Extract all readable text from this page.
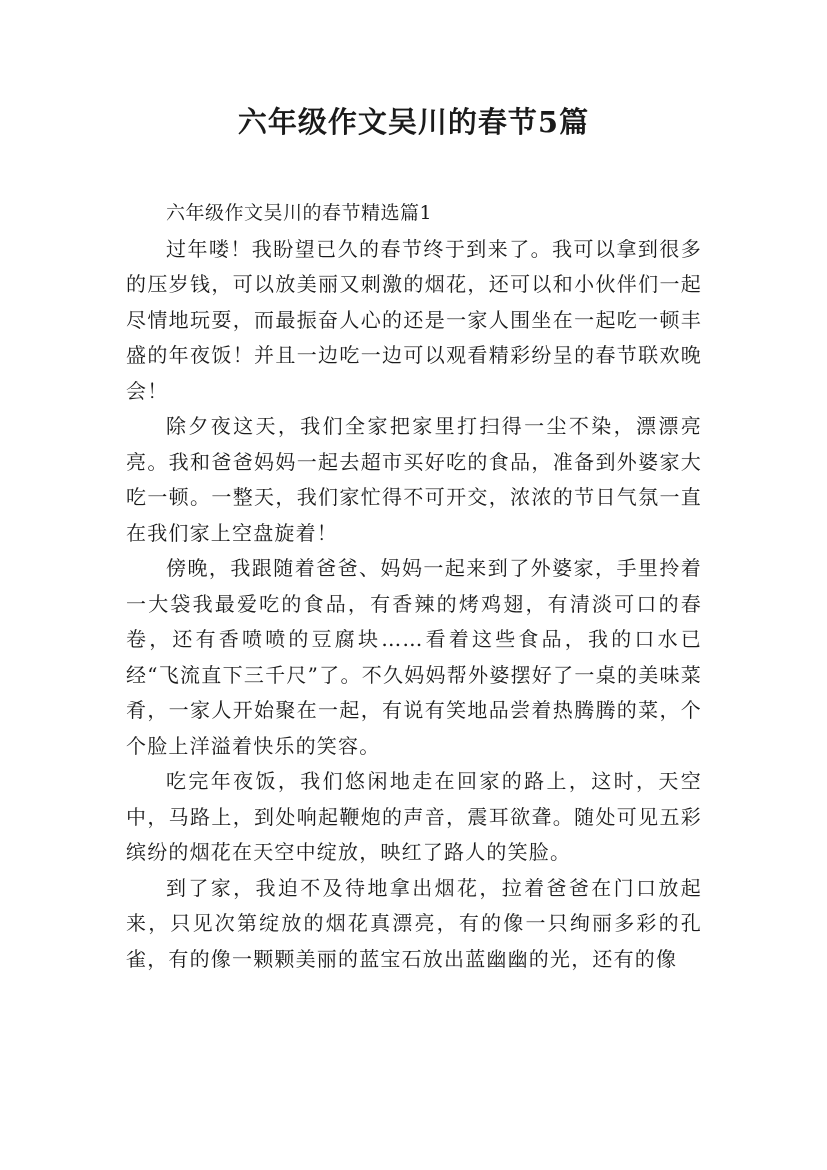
六年级作文吴川的春节5篇

六年级作文吴川的春节精选篇1

过年喽！我盼望已久的春节终于到来了。我可以拿到很多的压岁钱，可以放美丽又刺激的烟花，还可以和小伙伴们一起尽情地玩耍，而最振奋人心的还是一家人围坐在一起吃一顿丰盛的年夜饭！并且一边吃一边可以观看精彩纷呈的春节联欢晚会！

除夕夜这天，我们全家把家里打扫得一尘不染，漂漂亮亮。我和爸爸妈妈一起去超市买好吃的食品，准备到外婆家大吃一顿。一整天，我们家忙得不可开交，浓浓的节日气氛一直在我们家上空盘旋着！

傍晚，我跟随着爸爸、妈妈一起来到了外婆家，手里拎着一大袋我最爱吃的食品，有香辣的烤鸡翅，有清淡可口的春卷，还有香喷喷的豆腐块……看着这些食品，我的口水已经“飞流直下三千尺”了。不久妈妈帮外婆摆好了一桌的美味菜肴，一家人开始聚在一起，有说有笑地品尝着热腾腾的菜，个个脸上洋溢着快乐的笑容。

吃完年夜饭，我们悠闲地走在回家的路上，这时，天空中，马路上，到处响起鞭炮的声音，震耳欲聋。随处可见五彩缤纷的烟花在天空中绽放，映红了路人的笑脸。

到了家，我迫不及待地拿出烟花，拉着爸爸在门口放起来，只见次第绽放的烟花真漂亮，有的像一只绚丽多彩的孔雀，有的像一颗颗美丽的蓝宝石放出蓝幽幽的光，还有的像
